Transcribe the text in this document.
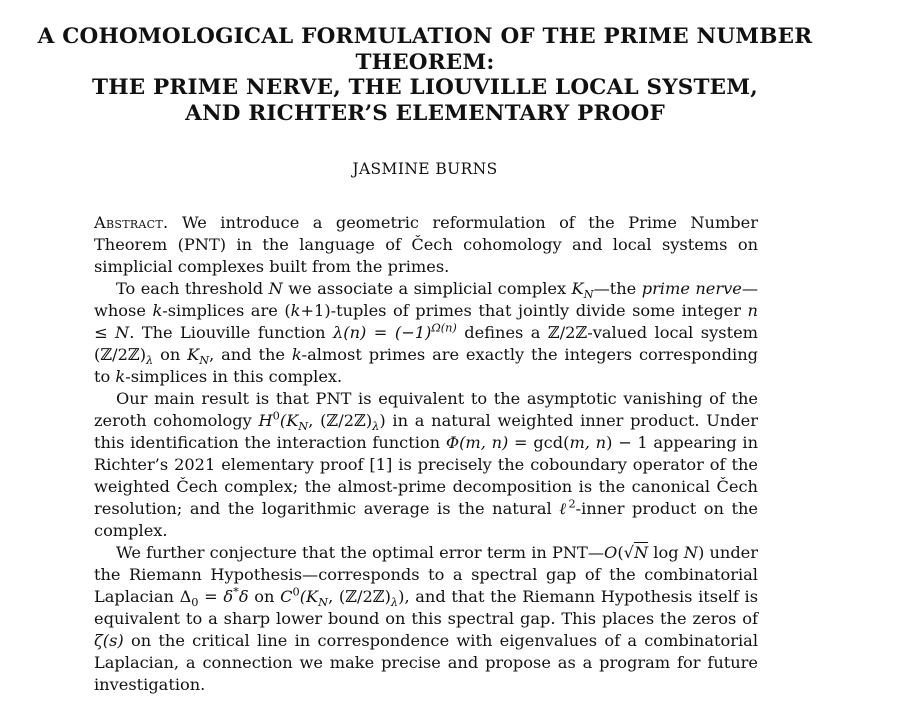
A COHOMOLOGICAL FORMULATION OF THE PRIME NUMBER
THEOREM:
THE PRIME NERVE, THE LIOUVILLE LOCAL SYSTEM,
AND RICHTER’S ELEMENTARY PROOF
JASMINE BURNS

Abstract. We introduce a geometric reformulation of the Prime Number Theorem (PNT) in the language of Čech cohomology and local systems on simplicial complexes built from the primes.

To each threshold N we associate a simplicial complex $K_N—the$ prime nerve— whose k-simplices are (k+1)-tuples of primes that jointly divide some integer n ≤ N. The Liouville function $\lambda(n) = (-1)^{\Omega(n)}$ defines a ℤ/2ℤ-valued local system $(ℤ/2ℤ)_\lambda$ on $K_N$, and the k-almost primes are exactly the integers corresponding to k-simplices in this complex.

Our main result is that PNT is equivalent to the asymptotic vanishing of the zeroth cohomology $H^0(K_N$, $(ℤ/2ℤ)_\lambda$) in a natural weighted inner product. Under this identification the interaction function Φ(m, n) = gcd(m, n) − 1 appearing in Richter’s 2021 elementary proof [1] is precisely the coboundary operator of the weighted Čech complex; the almost-prime decomposition is the canonical Čech resolution; and the logarithmic average is the natural ℓ$^2$-inner product on the complex.

We further conjecture that the optimal error term in PNT—O(√N log N) under the Riemann Hypothesis—corresponds to a spectral gap of the combinatorial Laplacian $\Delta_0 = \delta^*\delta$ on $C^0(K_N$, $(ℤ/2ℤ)_\lambda$), and that the Riemann Hypothesis itself is equivalent to a sharp lower bound on this spectral gap. This places the zeros of ζ(s) on the critical line in correspondence with eigenvalues of a combinatorial Laplacian, a connection we make precise and propose as a program for future investigation.
